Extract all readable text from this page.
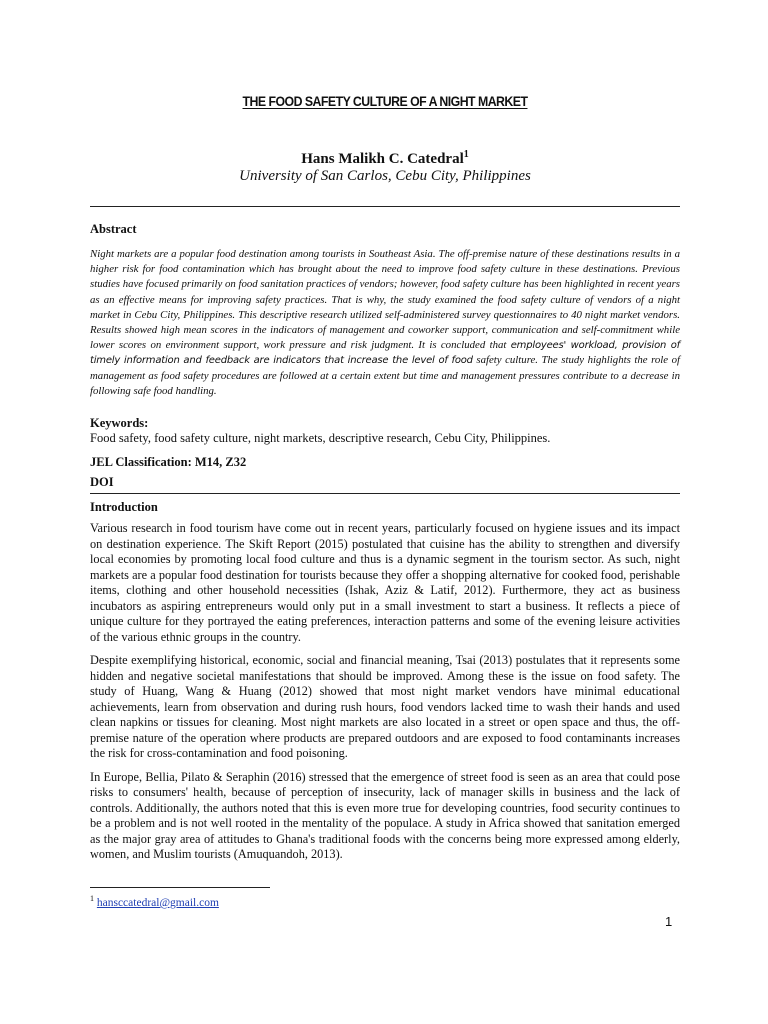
THE FOOD SAFETY CULTURE OF A NIGHT MARKET
Hans Malikh C. Catedral$^1$
University of San Carlos, Cebu City, Philippines
Abstract
Night markets are a popular food destination among tourists in Southeast Asia. The off-premise nature of these destinations results in a higher risk for food contamination which has brought about the need to improve food safety culture in these destinations. Previous studies have focused primarily on food sanitation practices of vendors; however, food safety culture has been highlighted in recent years as an effective means for improving safety practices. That is why, the study examined the food safety culture of vendors of a night market in Cebu City, Philippines. This descriptive research utilized self-administered survey questionnaires to 40 night market vendors. Results showed high mean scores in the indicators of management and coworker support, communication and self-commitment while lower scores on environment support, work pressure and risk judgment. It is concluded that employees' workload, provision of timely information and feedback are indicators that increase the level of food safety culture. The study highlights the role of management as food safety procedures are followed at a certain extent but time and management pressures contribute to a decrease in following safe food handling.
Keywords:
Food safety, food safety culture, night markets, descriptive research, Cebu City, Philippines.
JEL Classification: M14, Z32
DOI
Introduction

Various research in food tourism have come out in recent years, particularly focused on hygiene issues and its impact on destination experience. The Skift Report (2015) postulated that cuisine has the ability to strengthen and diversify local economies by promoting local food culture and thus is a dynamic segment in the tourism sector. As such, night markets are a popular food destination for tourists because they offer a shopping alternative for cooked food, perishable items, clothing and other household necessities (Ishak, Aziz & Latif, 2012). Furthermore, they act as business incubators as aspiring entrepreneurs would only put in a small investment to start a business. It reflects a piece of unique culture for they portrayed the eating preferences, interaction patterns and some of the evening leisure activities of the various ethnic groups in the country.

Despite exemplifying historical, economic, social and financial meaning, Tsai (2013) postulates that it represents some hidden and negative societal manifestations that should be improved. Among these is the issue on food safety. The study of Huang, Wang & Huang (2012) showed that most night market vendors have minimal educational achievements, learn from observation and during rush hours, food vendors lacked time to wash their hands and used clean napkins or tissues for cleaning. Most night markets are also located in a street or open space and thus, the off-premise nature of the operation where products are prepared outdoors and are exposed to food contaminants increases the risk for cross-contamination and food poisoning.

In Europe, Bellia, Pilato & Seraphin (2016) stressed that the emergence of street food is seen as an area that could pose risks to consumers' health, because of perception of insecurity, lack of manager skills in business and the lack of controls. Additionally, the authors noted that this is even more true for developing countries, food security continues to be a problem and is not well rooted in the mentality of the populace. A study in Africa showed that sanitation emerged as the major gray area of attitudes to Ghana's traditional foods with the concerns being more expressed among elderly, women, and Muslim tourists (Amuquandoh, 2013).

$^1$ hansccatedral@gmail.com
1
